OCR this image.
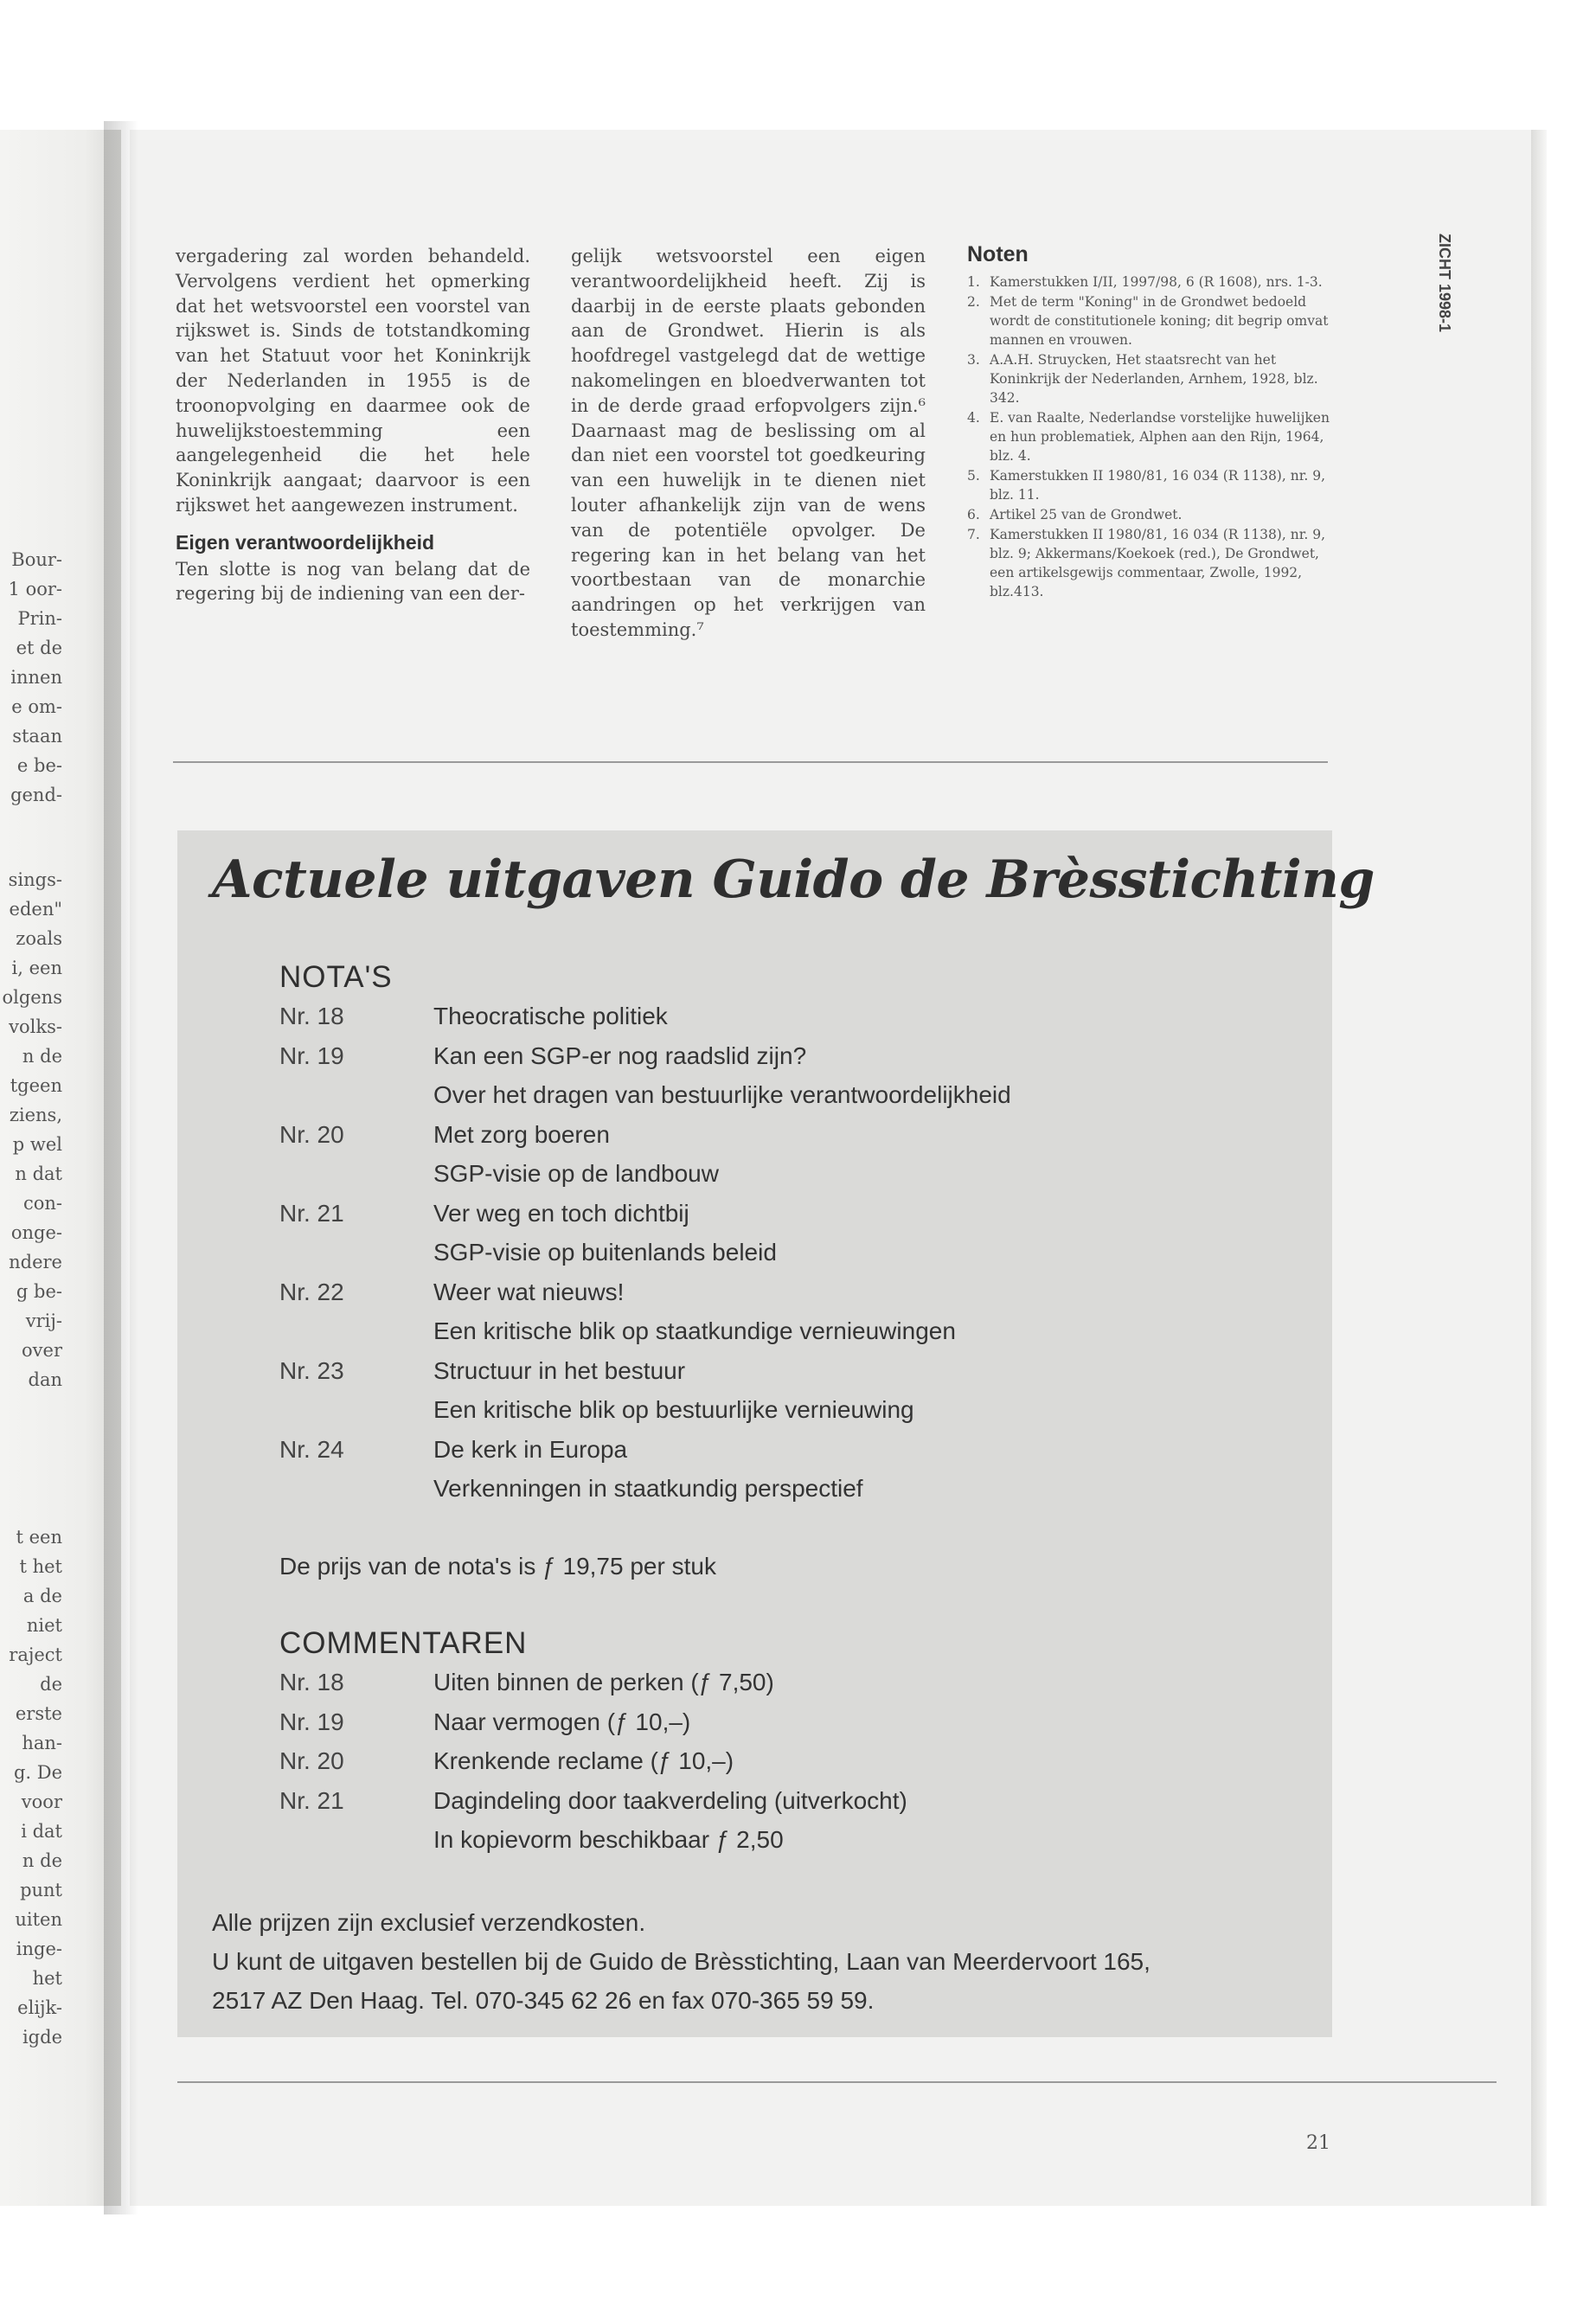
Bour-
1 oor-
Prin-
et de
innen
e om-
staan
e be-
gend-
sings-
eden"
zoals
i, een
olgens
volks-
n de
tgeen
ziens,
p wel
n dat
con-
onge-
ndere
g be-
vrij-
over
dan
t een
t het
a de
niet
raject
de
erste
han-
g. De
voor
i dat
n de
punt
uiten
inge-
het
elijk-
igde

vergadering zal worden behandeld. Vervolgens verdient het opmerking dat het wetsvoorstel een voorstel van rijkswet is. Sinds de totstandkoming van het Statuut voor het Koninkrijk der Nederlanden in 1955 is de troonopvolging en daarmee ook de huwelijkstoestemming een aangelegenheid die het hele Koninkrijk aangaat; daarvoor is een rijkswet het aangewezen instrument.

Eigen verantwoordelijkheid

Ten slotte is nog van belang dat de regering bij de indiening van een der-

gelijk wetsvoorstel een eigen verantwoordelijkheid heeft. Zij is daarbij in de eerste plaats gebonden aan de Grondwet. Hierin is als hoofdregel vastgelegd dat de wettige nakomelingen en bloedverwanten tot in de derde graad erfopvolgers zijn.⁶ Daarnaast mag de beslissing om al dan niet een voorstel tot goedkeuring van een huwelijk in te dienen niet louter afhankelijk zijn van de wens van de potentiële opvolger. De regering kan in het belang van het voortbestaan van de monarchie aandringen op het verkrijgen van toestemming.⁷

Noten
1. Kamerstukken I/II, 1997/98, 6 (R 1608), nrs. 1-3.
2. Met de term "Koning" in de Grondwet bedoeld wordt de constitutionele koning; dit begrip omvat mannen en vrouwen.
3. A.A.H. Struycken, Het staatsrecht van het Koninkrijk der Nederlanden, Arnhem, 1928, blz. 342.
4. E. van Raalte, Nederlandse vorstelijke huwelijken en hun problematiek, Alphen aan den Rijn, 1964, blz. 4.
5. Kamerstukken II 1980/81, 16 034 (R 1138), nr. 9, blz. 11.
6. Artikel 25 van de Grondwet.
7. Kamerstukken II 1980/81, 16 034 (R 1138), nr. 9, blz. 9; Akkermans/Koekoek (red.), De Grondwet, een artikelsgewijs commentaar, Zwolle, 1992, blz.413.
ZICHT 1998-1
Actuele uitgaven Guido de Brèsstichting
NOTA'S
Nr. 18	Theocratische politiek
Nr. 19	Kan een SGP-er nog raadslid zijn?
Over het dragen van bestuurlijke verantwoordelijkheid
Nr. 20	Met zorg boeren
SGP-visie op de landbouw
Nr. 21	Ver weg en toch dichtbij
SGP-visie op buitenlands beleid
Nr. 22	Weer wat nieuws!
Een kritische blik op staatkundige vernieuwingen
Nr. 23	Structuur in het bestuur
Een kritische blik op bestuurlijke vernieuwing
Nr. 24	De kerk in Europa
Verkenningen in staatkundig perspectief
De prijs van de nota's is ƒ 19,75 per stuk
COMMENTAREN
Nr. 18	Uiten binnen de perken (ƒ 7,50)
Nr. 19	Naar vermogen (ƒ 10,–)
Nr. 20	Krenkende reclame (ƒ 10,–)
Nr. 21	Dagindeling door taakverdeling (uitverkocht)
In kopievorm beschikbaar ƒ 2,50
Alle prijzen zijn exclusief verzendkosten.
U kunt de uitgaven bestellen bij de Guido de Brèsstichting, Laan van Meerdervoort 165,
2517 AZ Den Haag. Tel. 070-345 62 26 en fax 070-365 59 59.
21
